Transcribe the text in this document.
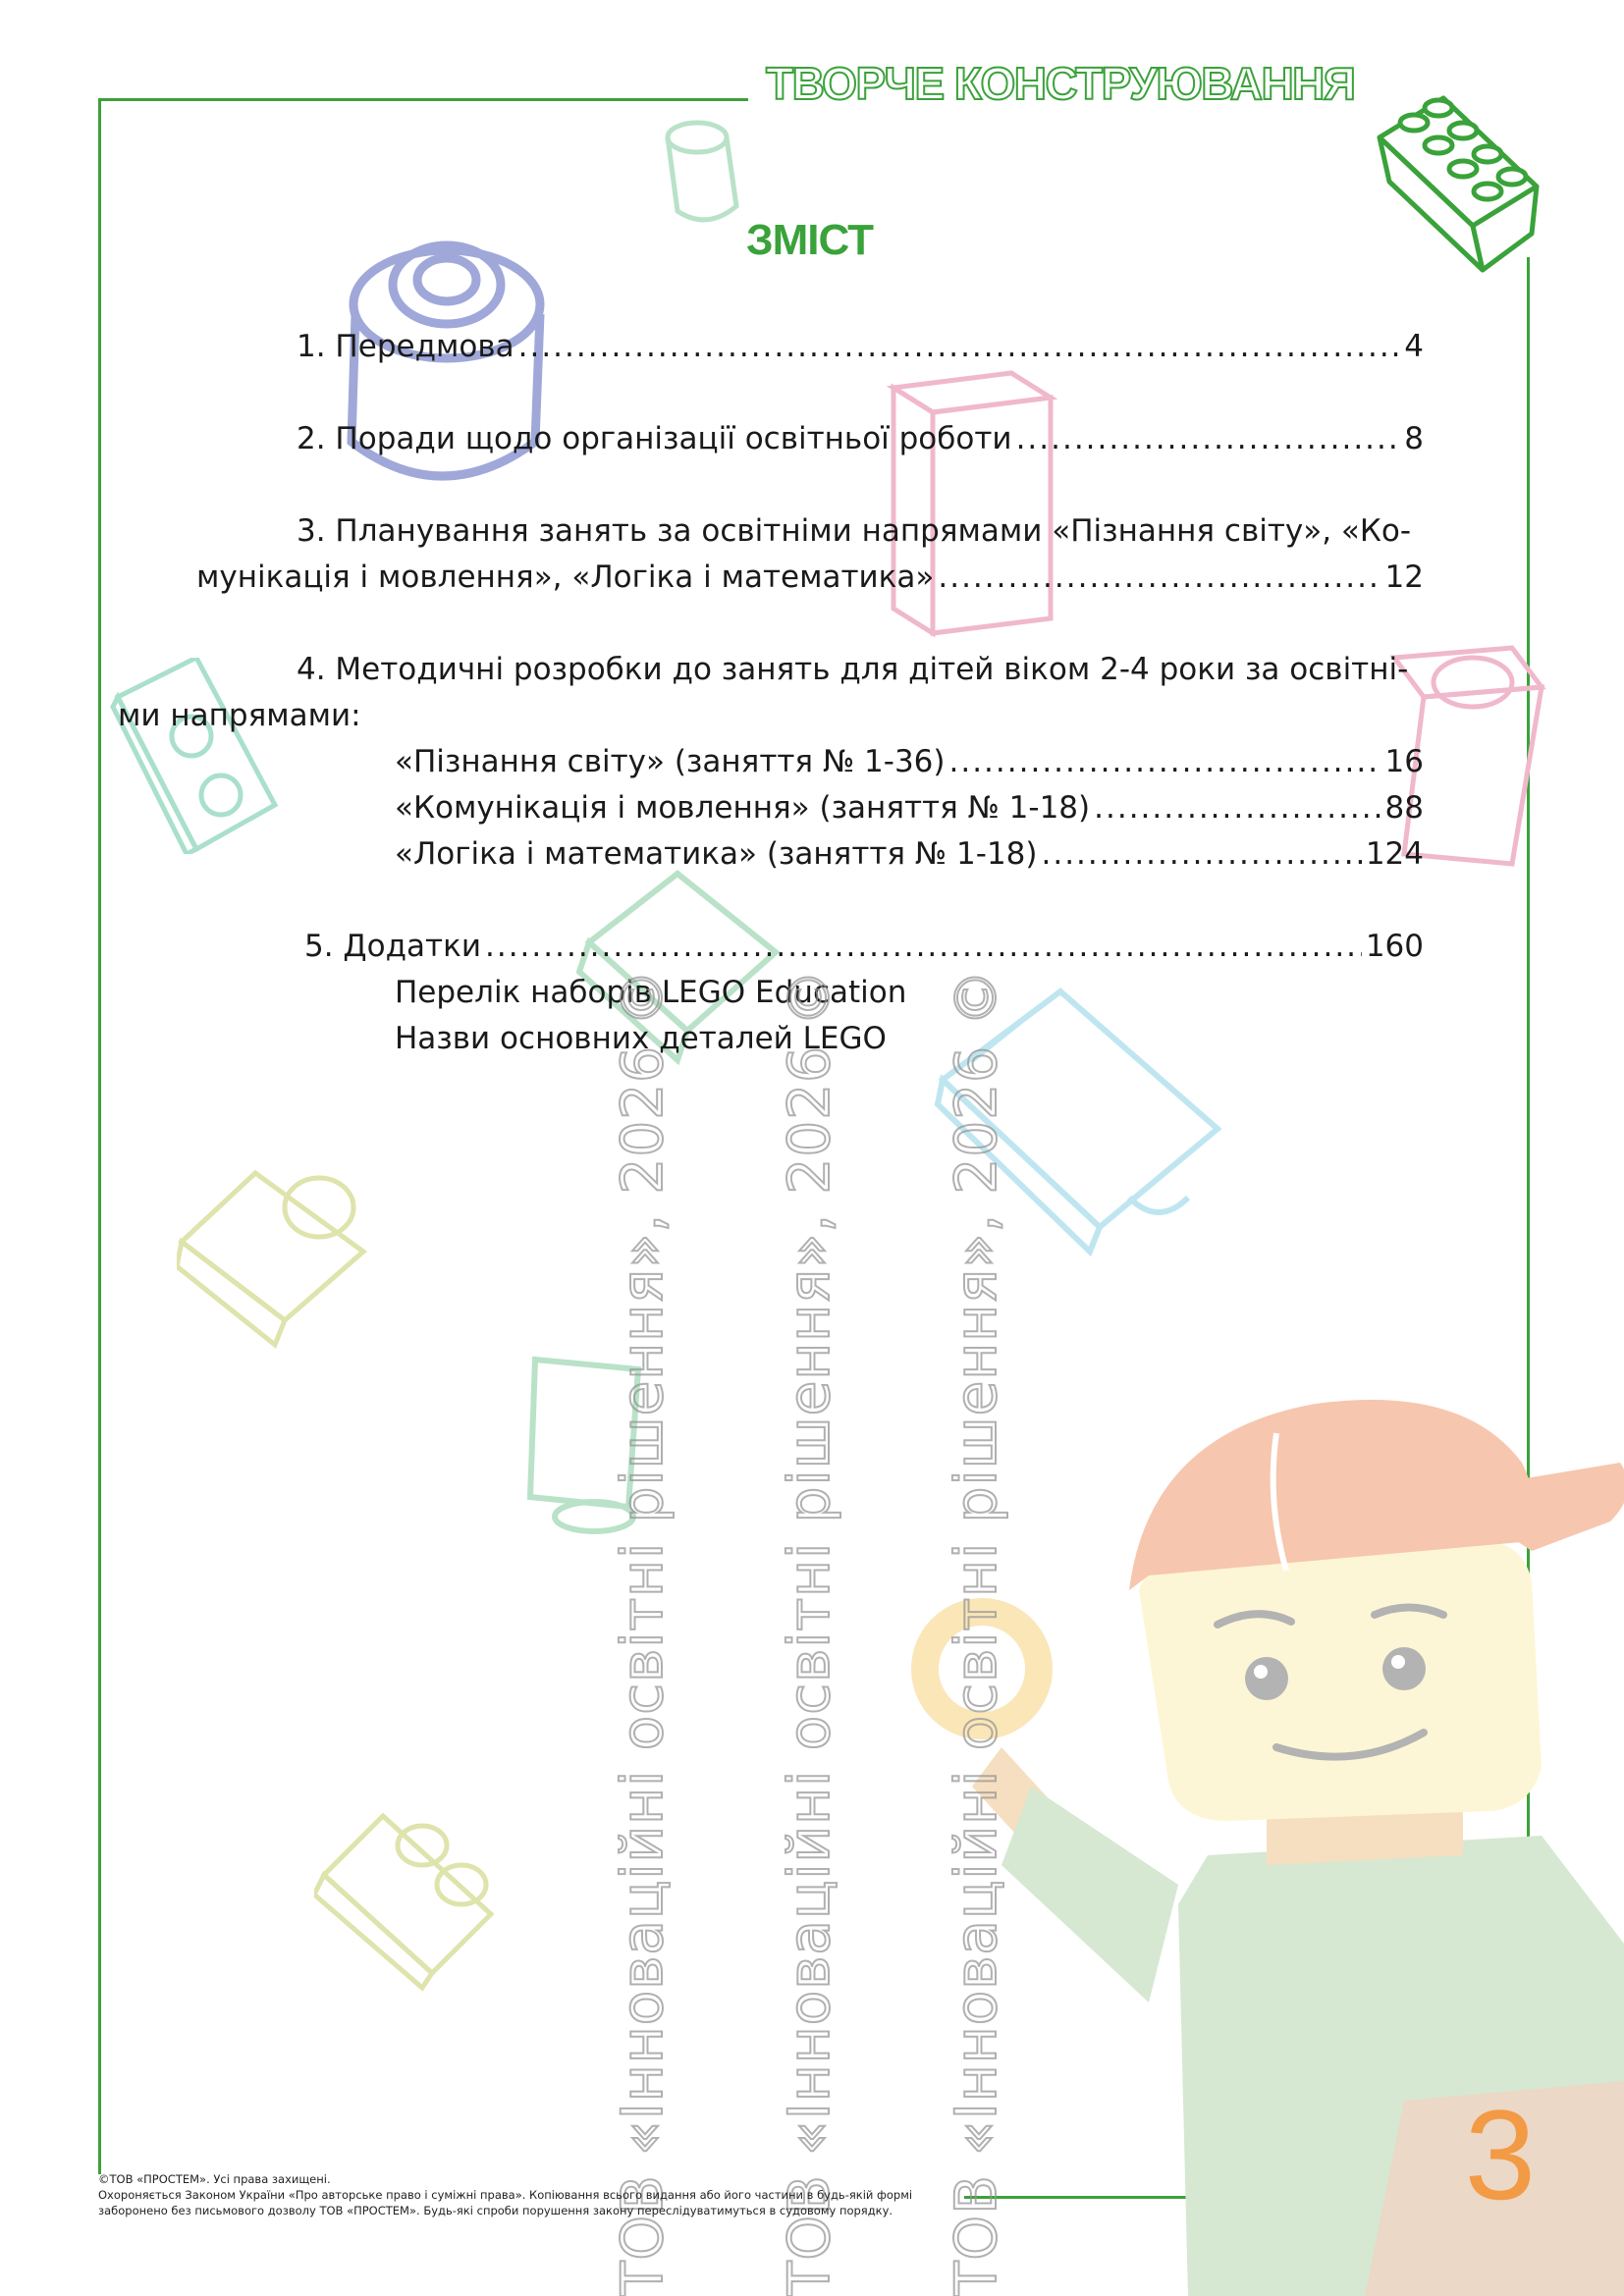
ТВОРЧЕ КОНСТРУЮВАННЯ
ЗМІСТ
1. Передмова .....	4
2. Поради щодо організації освітньої роботи .....	8
3. Планування занять за освітніми напрямами «Пізнання світу», «Ко-
мунікація і мовлення», «Логіка і математика» .....	12
4. Методичні розробки до занять для дітей віком 2-4 роки за освітні-
ми напрямами:
«Пізнання світу» (заняття № 1-36) .....	16
«Комунікація і мовлення» (заняття № 1-18) .....	88
«Логіка і математика» (заняття № 1-18) .....	124
5. Додатки .....	160
Перелік наборів LEGO Education
Назви основних деталей LEGO
ТОВ «Інноваційні освітні рішення», 2026 © ТОВ «Інноваційні освітні рішення», 2026 © ТОВ «Інноваційні освітні рішення», 2026 ©	3
©ТОВ «ПРОСТЕМ». Усі права захищені.
Охороняється Законом України «Про авторське право і суміжні права». Копіювання всього видання або його частини в будь-якій формі
заборонено без письмового дозволу ТОВ «ПРОСТЕМ». Будь-які спроби порушення закону переслідуватимуться в судовому порядку.
